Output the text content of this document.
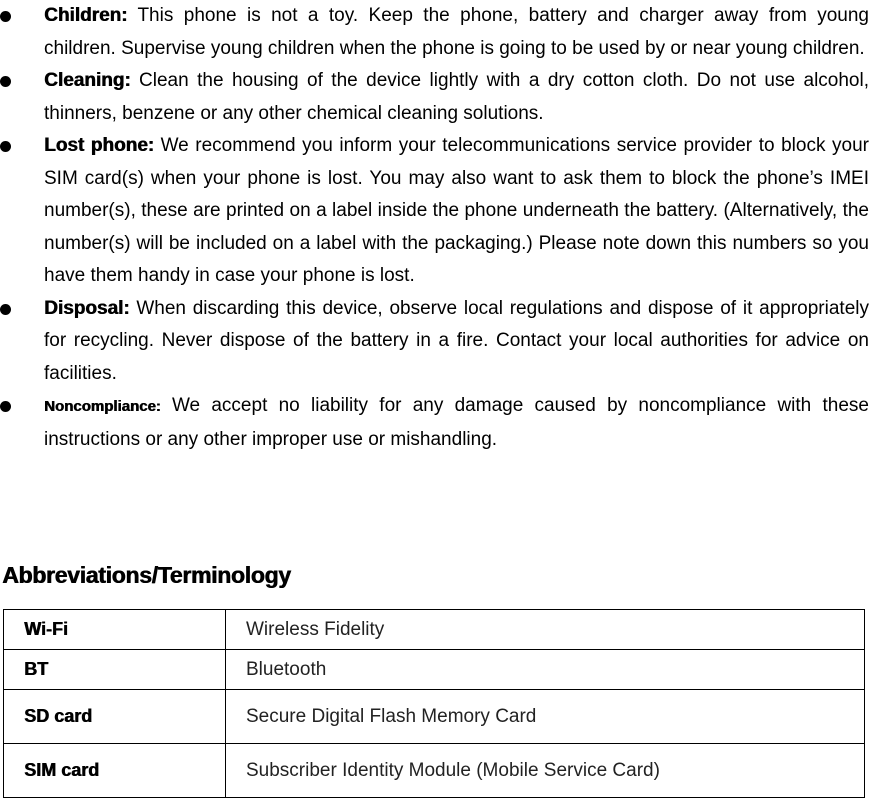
Children: This phone is not a toy. Keep the phone, battery and charger away from young children. Supervise young children when the phone is going to be used by or near young children.
Cleaning: Clean the housing of the device lightly with a dry cotton cloth. Do not use alcohol, thinners, benzene or any other chemical cleaning solutions.
Lost phone: We recommend you inform your telecommunications service provider to block your SIM card(s) when your phone is lost. You may also want to ask them to block the phone’s IMEI number(s), these are printed on a label inside the phone underneath the battery. (Alternatively, the number(s) will be included on a label with the packaging.) Please note down this numbers so you have them handy in case your phone is lost.
Disposal: When discarding this device, observe local regulations and dispose of it appropriately for recycling. Never dispose of the battery in a fire. Contact your local authorities for advice on facilities.
Noncompliance: We accept no liability for any damage caused by noncompliance with these instructions or any other improper use or mishandling.
Abbreviations/Terminology
Wi-Fi	Wireless Fidelity
BT	Bluetooth
SD card	Secure Digital Flash Memory Card
SIM card	Subscriber Identity Module (Mobile Service Card)
